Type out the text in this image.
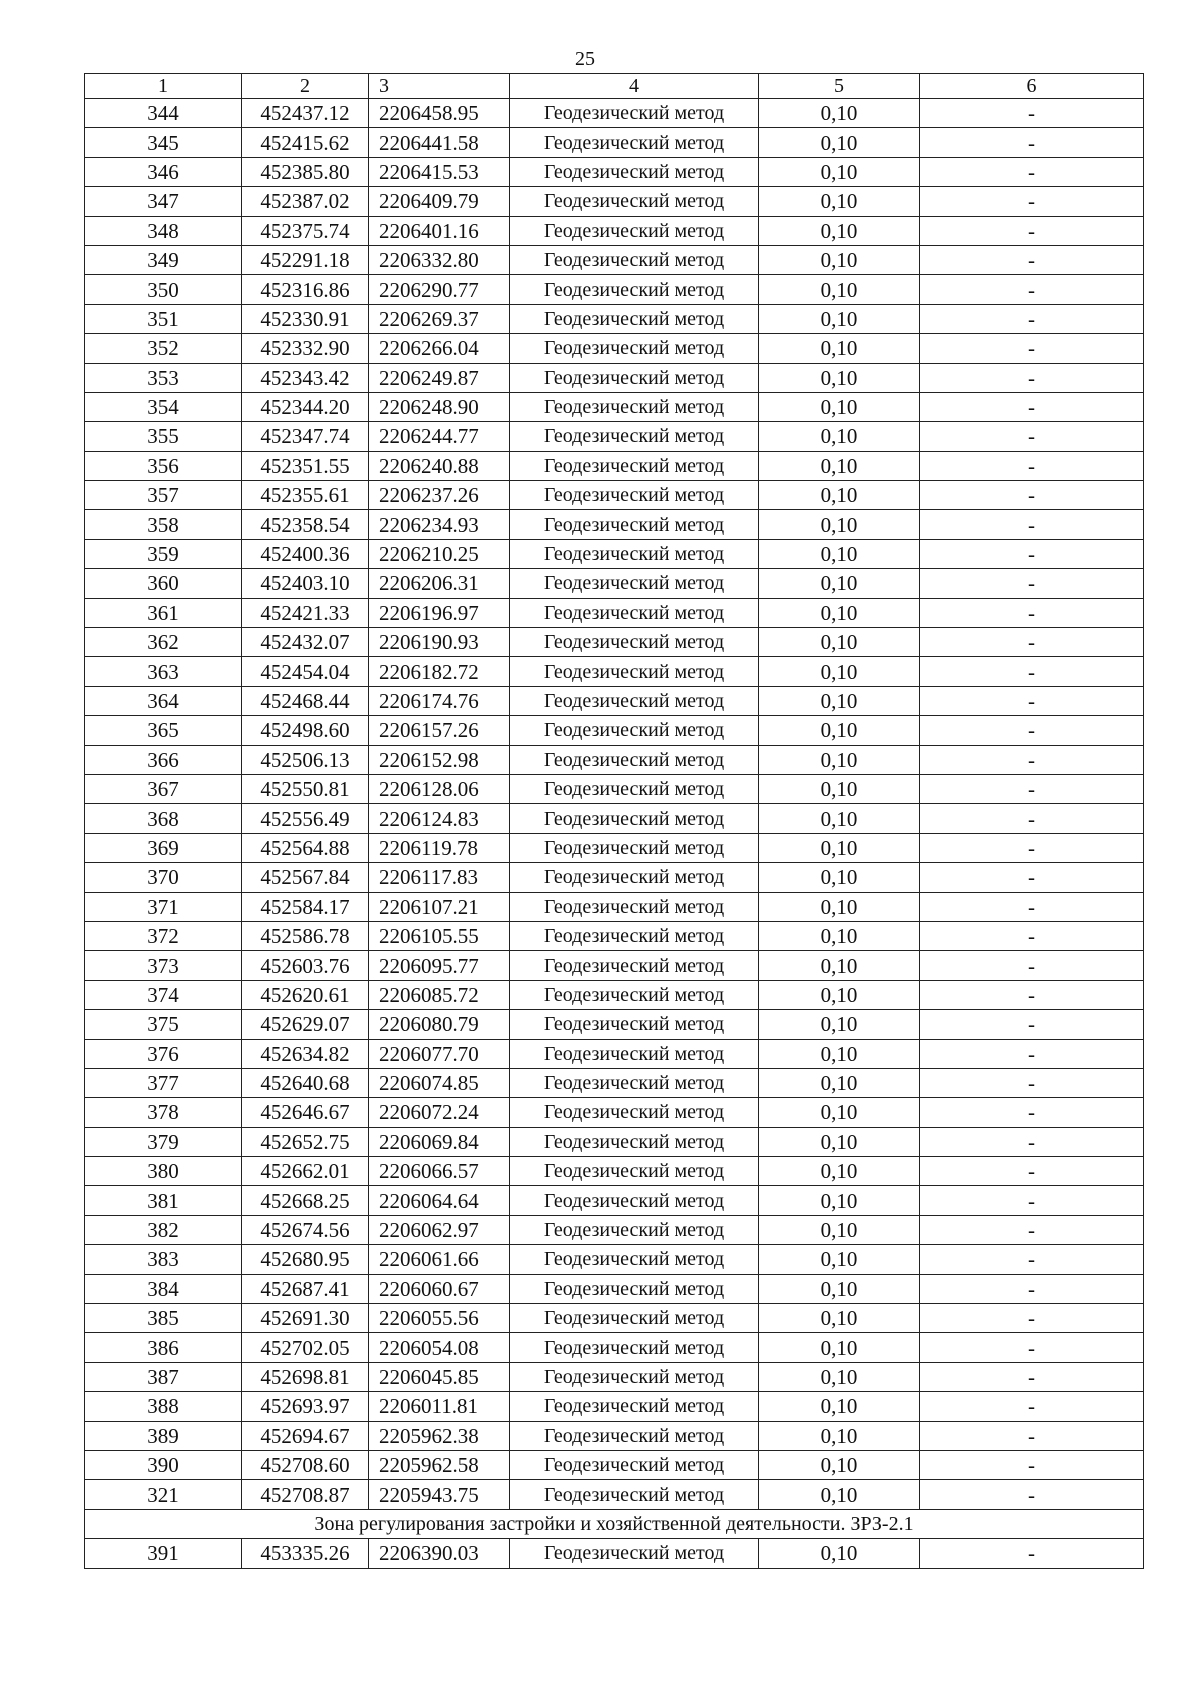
25
1	2	3	4	5	6
344	452437.12	2206458.95	Геодезический метод	0,10	-
345	452415.62	2206441.58	Геодезический метод	0,10	-
346	452385.80	2206415.53	Геодезический метод	0,10	-
347	452387.02	2206409.79	Геодезический метод	0,10	-
348	452375.74	2206401.16	Геодезический метод	0,10	-
349	452291.18	2206332.80	Геодезический метод	0,10	-
350	452316.86	2206290.77	Геодезический метод	0,10	-
351	452330.91	2206269.37	Геодезический метод	0,10	-
352	452332.90	2206266.04	Геодезический метод	0,10	-
353	452343.42	2206249.87	Геодезический метод	0,10	-
354	452344.20	2206248.90	Геодезический метод	0,10	-
355	452347.74	2206244.77	Геодезический метод	0,10	-
356	452351.55	2206240.88	Геодезический метод	0,10	-
357	452355.61	2206237.26	Геодезический метод	0,10	-
358	452358.54	2206234.93	Геодезический метод	0,10	-
359	452400.36	2206210.25	Геодезический метод	0,10	-
360	452403.10	2206206.31	Геодезический метод	0,10	-
361	452421.33	2206196.97	Геодезический метод	0,10	-
362	452432.07	2206190.93	Геодезический метод	0,10	-
363	452454.04	2206182.72	Геодезический метод	0,10	-
364	452468.44	2206174.76	Геодезический метод	0,10	-
365	452498.60	2206157.26	Геодезический метод	0,10	-
366	452506.13	2206152.98	Геодезический метод	0,10	-
367	452550.81	2206128.06	Геодезический метод	0,10	-
368	452556.49	2206124.83	Геодезический метод	0,10	-
369	452564.88	2206119.78	Геодезический метод	0,10	-
370	452567.84	2206117.83	Геодезический метод	0,10	-
371	452584.17	2206107.21	Геодезический метод	0,10	-
372	452586.78	2206105.55	Геодезический метод	0,10	-
373	452603.76	2206095.77	Геодезический метод	0,10	-
374	452620.61	2206085.72	Геодезический метод	0,10	-
375	452629.07	2206080.79	Геодезический метод	0,10	-
376	452634.82	2206077.70	Геодезический метод	0,10	-
377	452640.68	2206074.85	Геодезический метод	0,10	-
378	452646.67	2206072.24	Геодезический метод	0,10	-
379	452652.75	2206069.84	Геодезический метод	0,10	-
380	452662.01	2206066.57	Геодезический метод	0,10	-
381	452668.25	2206064.64	Геодезический метод	0,10	-
382	452674.56	2206062.97	Геодезический метод	0,10	-
383	452680.95	2206061.66	Геодезический метод	0,10	-
384	452687.41	2206060.67	Геодезический метод	0,10	-
385	452691.30	2206055.56	Геодезический метод	0,10	-
386	452702.05	2206054.08	Геодезический метод	0,10	-
387	452698.81	2206045.85	Геодезический метод	0,10	-
388	452693.97	2206011.81	Геодезический метод	0,10	-
389	452694.67	2205962.38	Геодезический метод	0,10	-
390	452708.60	2205962.58	Геодезический метод	0,10	-
321	452708.87	2205943.75	Геодезический метод	0,10	-
Зона регулирования застройки и хозяйственной деятельности. ЗРЗ-2.1					
391	453335.26	2206390.03	Геодезический метод	0,10	-
